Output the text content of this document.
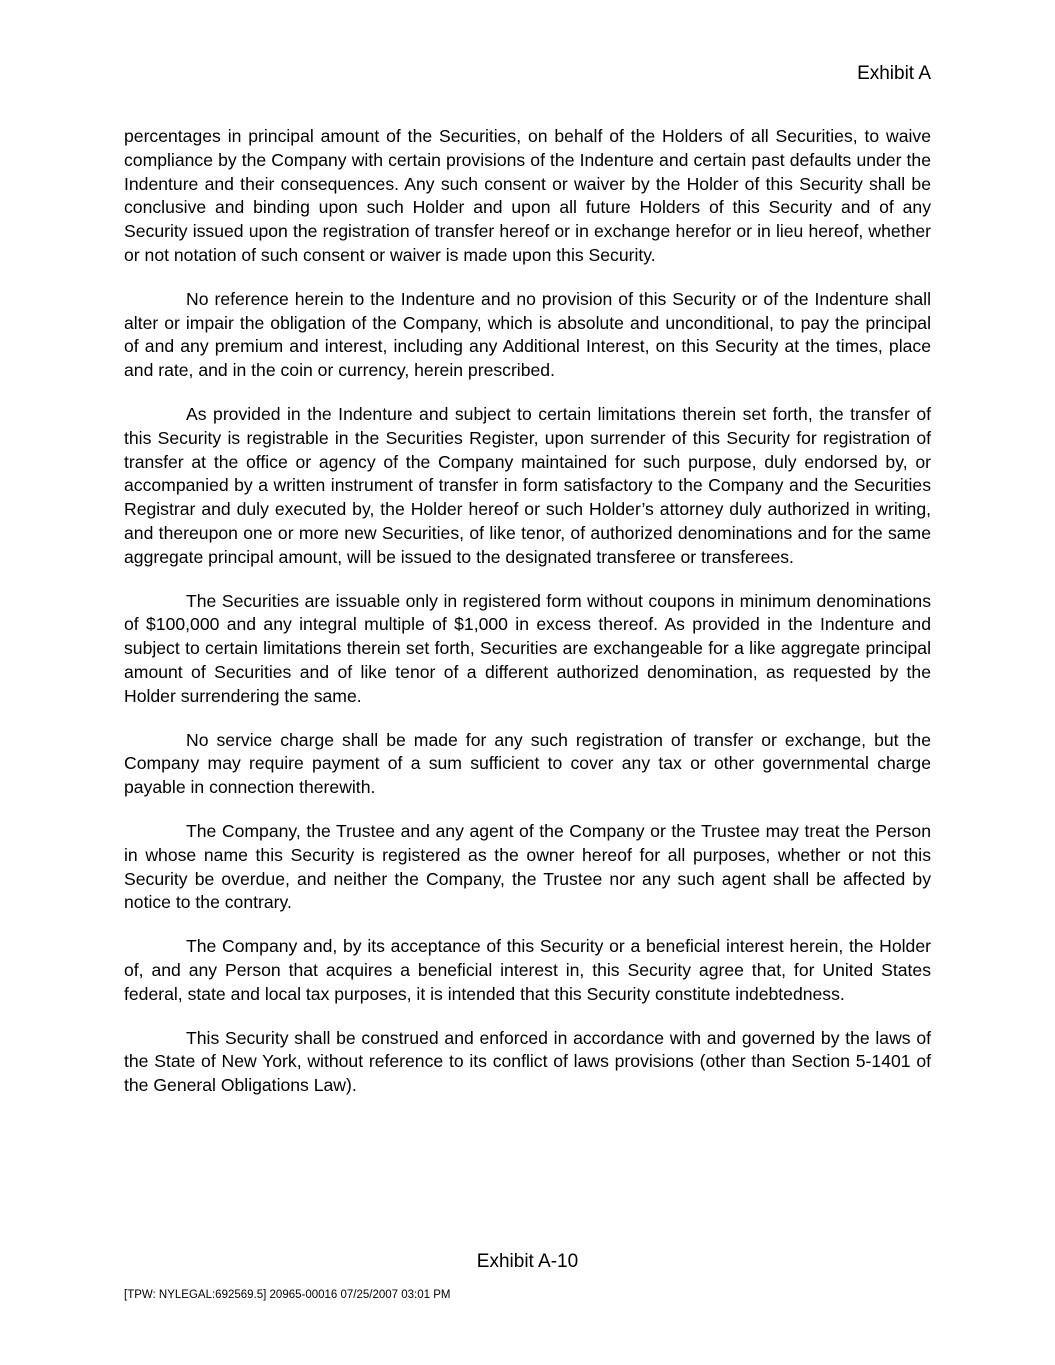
Exhibit A

percentages in principal amount of the Securities, on behalf of the Holders of all Securities, to waive compliance by the Company with certain provisions of the Indenture and certain past defaults under the Indenture and their consequences. Any such consent or waiver by the Holder of this Security shall be conclusive and binding upon such Holder and upon all future Holders of this Security and of any Security issued upon the registration of transfer hereof or in exchange herefor or in lieu hereof, whether or not notation of such consent or waiver is made upon this Security.

No reference herein to the Indenture and no provision of this Security or of the Indenture shall alter or impair the obligation of the Company, which is absolute and unconditional, to pay the principal of and any premium and interest, including any Additional Interest, on this Security at the times, place and rate, and in the coin or currency, herein prescribed.

As provided in the Indenture and subject to certain limitations therein set forth, the transfer of this Security is registrable in the Securities Register, upon surrender of this Security for registration of transfer at the office or agency of the Company maintained for such purpose, duly endorsed by, or accompanied by a written instrument of transfer in form satisfactory to the Company and the Securities Registrar and duly executed by, the Holder hereof or such Holder’s attorney duly authorized in writing, and thereupon one or more new Securities, of like tenor, of authorized denominations and for the same aggregate principal amount, will be issued to the designated transferee or transferees.

The Securities are issuable only in registered form without coupons in minimum denominations of $100,000 and any integral multiple of $1,000 in excess thereof. As provided in the Indenture and subject to certain limitations therein set forth, Securities are exchangeable for a like aggregate principal amount of Securities and of like tenor of a different authorized denomination, as requested by the Holder surrendering the same.

No service charge shall be made for any such registration of transfer or exchange, but the Company may require payment of a sum sufficient to cover any tax or other governmental charge payable in connection therewith.

The Company, the Trustee and any agent of the Company or the Trustee may treat the Person in whose name this Security is registered as the owner hereof for all purposes, whether or not this Security be overdue, and neither the Company, the Trustee nor any such agent shall be affected by notice to the contrary.

The Company and, by its acceptance of this Security or a beneficial interest herein, the Holder of, and any Person that acquires a beneficial interest in, this Security agree that, for United States federal, state and local tax purposes, it is intended that this Security constitute indebtedness.

This Security shall be construed and enforced in accordance with and governed by the laws of the State of New York, without reference to its conflict of laws provisions (other than Section 5-1401 of the General Obligations Law).

Exhibit A-10
[TPW: NYLEGAL:692569.5] 20965-00016 07/25/2007 03:01 PM
